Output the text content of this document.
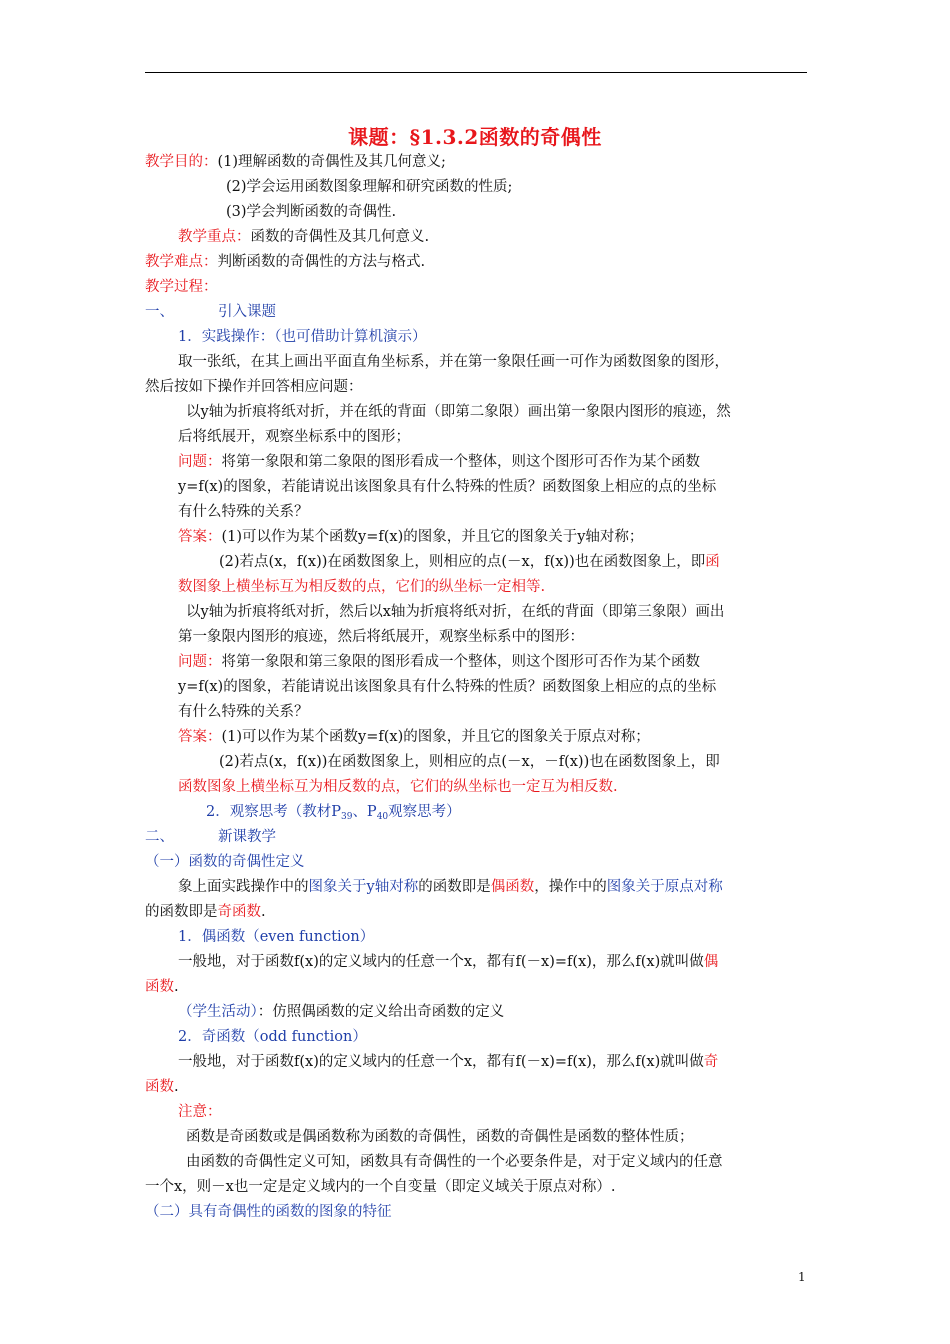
课题：§1.3.2函数的奇偶性
教学目的：(1)理解函数的奇偶性及其几何意义;
(2)学会运用函数图象理解和研究函数的性质;
(3)学会判断函数的奇偶性.
教学重点：函数的奇偶性及其几何意义.
教学难点：判断函数的奇偶性的方法与格式.
教学过程：
一、	引入课题
1．实践操作：（也可借助计算机演示）
取一张纸，在其上画出平面直角坐标系，并在第一象限任画一可作为函数图象的图形，
然后按如下操作并回答相应问题：
以y轴为折痕将纸对折，并在纸的背面（即第二象限）画出第一象限内图形的痕迹，然
后将纸展开，观察坐标系中的图形；
问题：将第一象限和第二象限的图形看成一个整体，则这个图形可否作为某个函数
y=f(x)的图象，若能请说出该图象具有什么特殊的性质？函数图象上相应的点的坐标
有什么特殊的关系？
答案：(1)可以作为某个函数y=f(x)的图象，并且它的图象关于y轴对称；
(2)若点(x，f(x))在函数图象上，则相应的点(－x，f(x))也在函数图象上，即函
数图象上横坐标互为相反数的点，它们的纵坐标一定相等.
以y轴为折痕将纸对折，然后以x轴为折痕将纸对折，在纸的背面（即第三象限）画出
第一象限内图形的痕迹，然后将纸展开，观察坐标系中的图形：
问题：将第一象限和第三象限的图形看成一个整体，则这个图形可否作为某个函数
y=f(x)的图象，若能请说出该图象具有什么特殊的性质？函数图象上相应的点的坐标
有什么特殊的关系？
答案：(1)可以作为某个函数y=f(x)的图象，并且它的图象关于原点对称；
(2)若点(x，f(x))在函数图象上，则相应的点(－x，－f(x))也在函数图象上，即
函数图象上横坐标互为相反数的点，它们的纵坐标也一定互为相反数.
2．观察思考（教材$P_{39}$、$P_{40}$观察思考）
二、	新课教学
（一）函数的奇偶性定义
象上面实践操作中的图象关于y轴对称的函数即是偶函数，操作中的图象关于原点对称
的函数即是奇函数.
1．偶函数（even function）
一般地，对于函数f(x)的定义域内的任意一个x，都有f(－x)=f(x)，那么f(x)就叫做偶
函数.
（学生活动）：仿照偶函数的定义给出奇函数的定义
2．奇函数（odd function）
一般地，对于函数f(x)的定义域内的任意一个x，都有f(－x)=f(x)，那么f(x)就叫做奇
函数.
注意：
函数是奇函数或是偶函数称为函数的奇偶性，函数的奇偶性是函数的整体性质；
由函数的奇偶性定义可知，函数具有奇偶性的一个必要条件是，对于定义域内的任意
一个x，则－x也一定是定义域内的一个自变量（即定义域关于原点对称）.
（二）具有奇偶性的函数的图象的特征
1
